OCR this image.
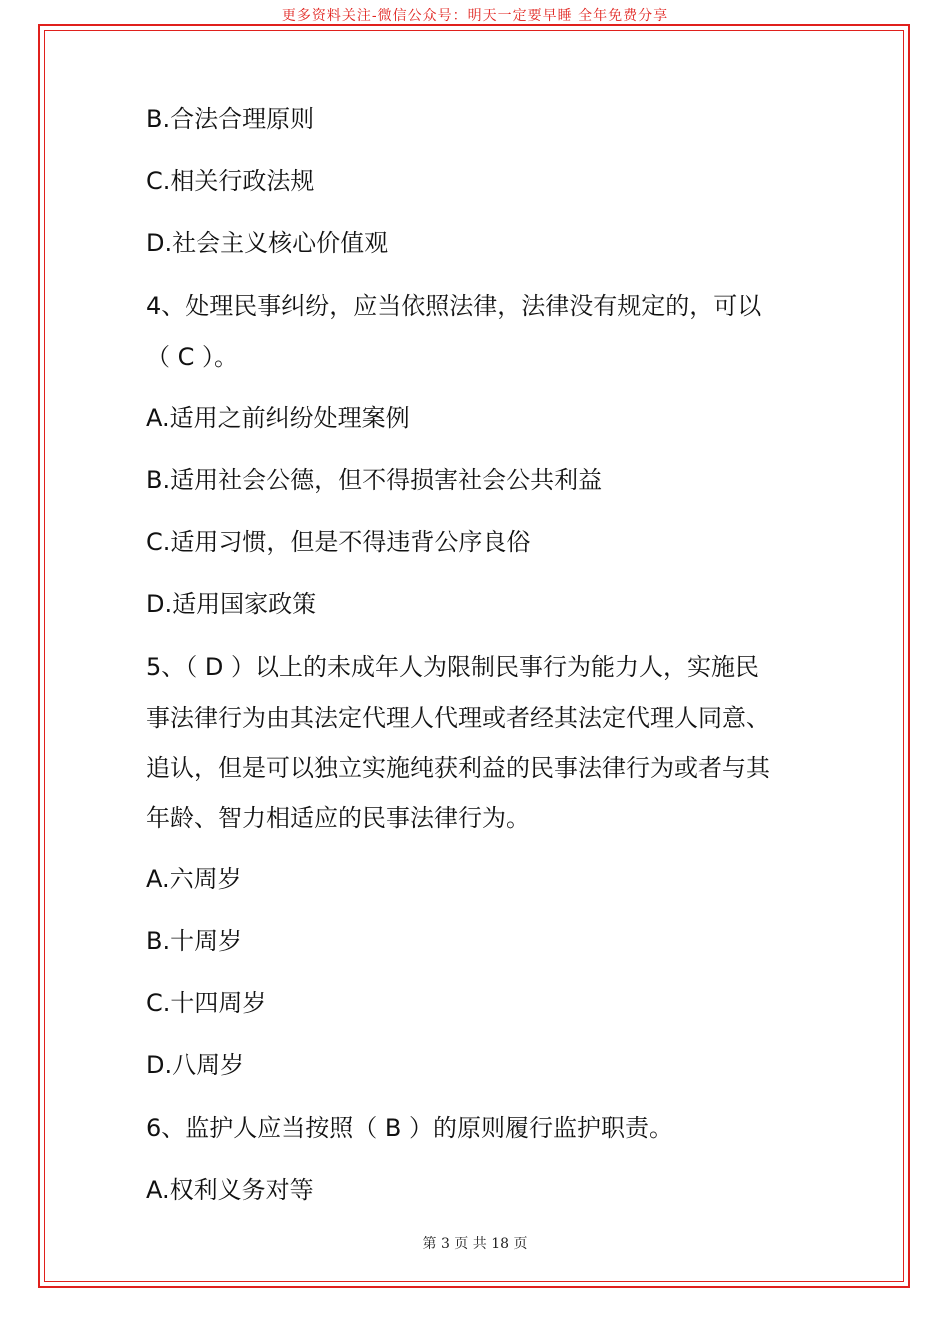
更多资料关注-微信公众号：明天一定要早睡 全年免费分享
B.合法合理原则
C.相关行政法规
D.社会主义核心价值观
4、处理民事纠纷，应当依照法律，法律没有规定的，可以
（ C ）。
A.适用之前纠纷处理案例
B.适用社会公德，但不得损害社会公共利益
C.适用习惯，但是不得违背公序良俗
D.适用国家政策
5、（ D ）以上的未成年人为限制民事行为能力人，实施民
事法律行为由其法定代理人代理或者经其法定代理人同意、
追认，但是可以独立实施纯获利益的民事法律行为或者与其
年龄、智力相适应的民事法律行为。
A.六周岁
B.十周岁
C.十四周岁
D.八周岁
6、监护人应当按照（ B ）的原则履行监护职责。
A.权利义务对等
第 3 页 共 18 页
